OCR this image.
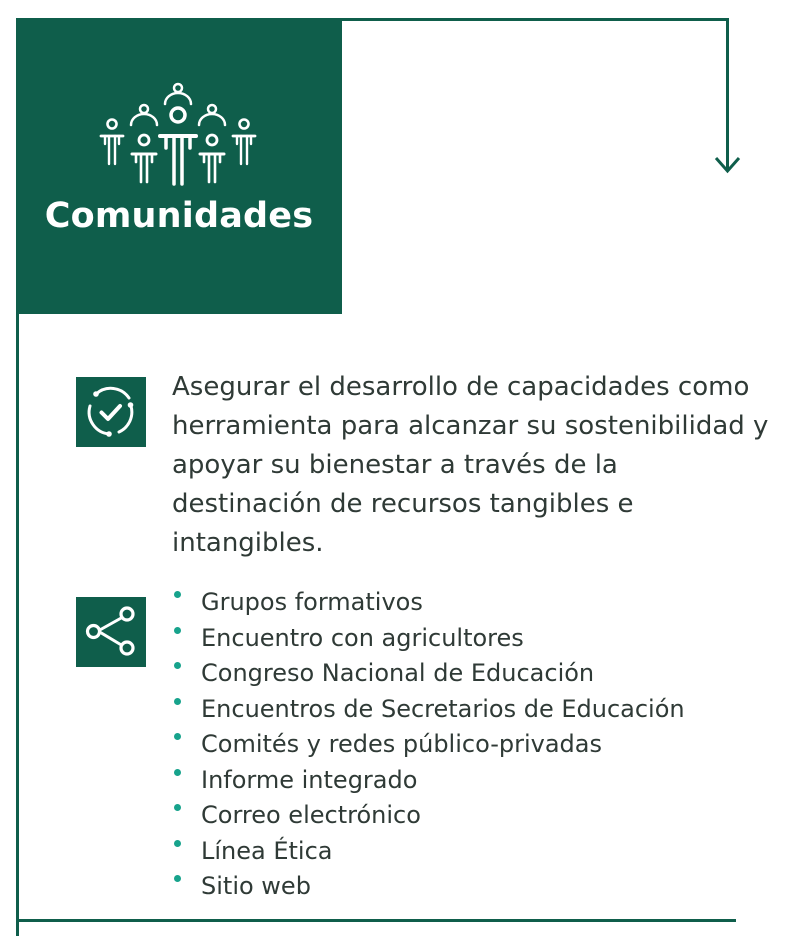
Comunidades
Asegurar el desarrollo de capacidades como herramienta para alcanzar su sostenibilidad y apoyar su bienestar a través de la destinación de recursos tangibles e intangibles.
Grupos formativos
Encuentro con agricultores
Congreso Nacional de Educación
Encuentros de Secretarios de Educación
Comités y redes público-privadas
Informe integrado
Correo electrónico
Línea Ética
Sitio web
